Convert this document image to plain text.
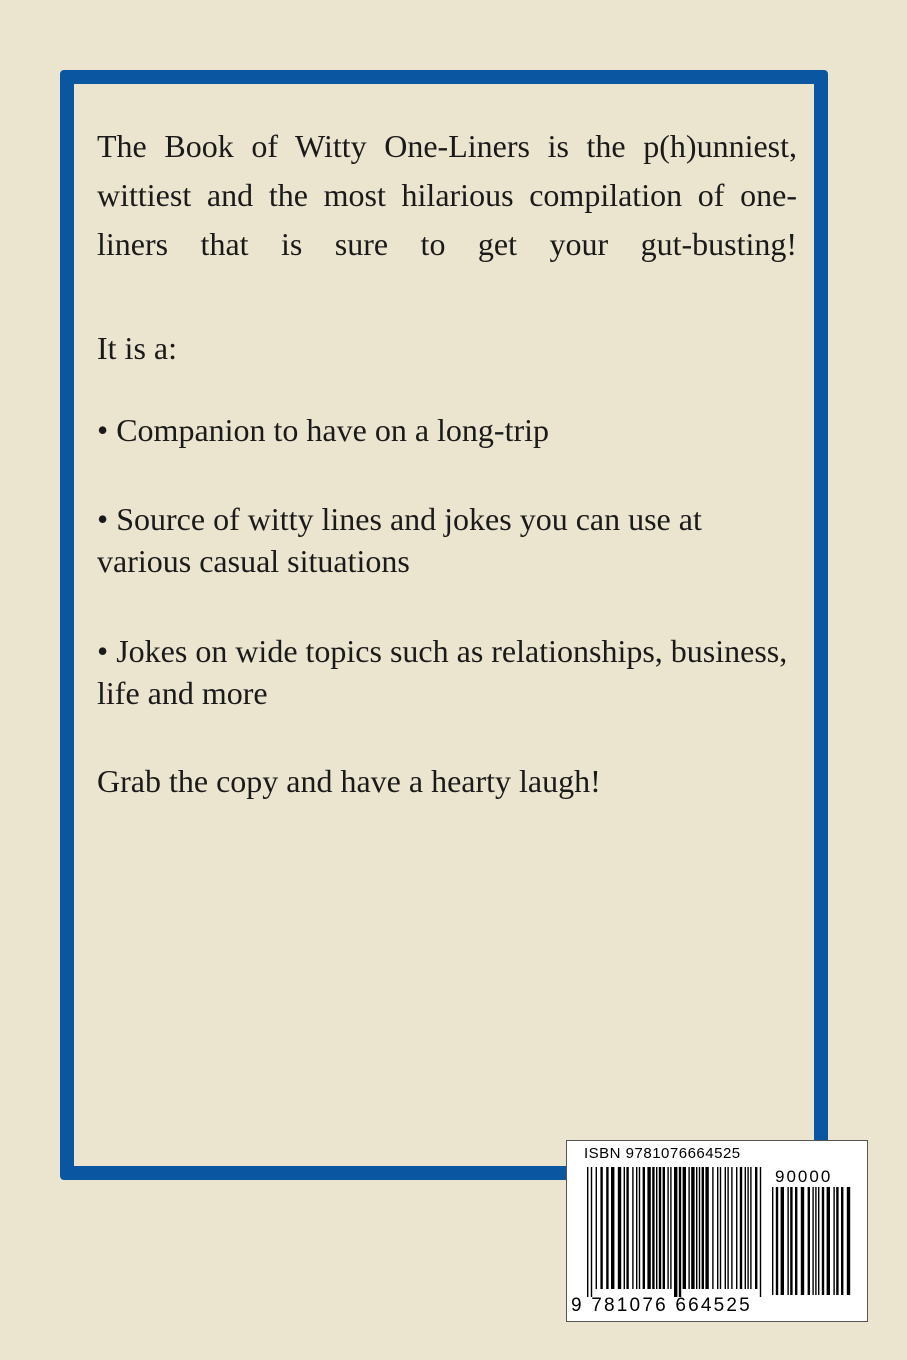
The Book of Witty One-Liners is the p(h)unniest, wittiest and the most hilarious compilation of one-liners that is sure to get your gut-busting!

It is a:

• Companion to have on a long-trip

• Source of witty lines and jokes you can use at various casual situations

• Jokes on wide topics such as relationships, business, life and more

Grab the copy and have a hearty laugh!

ISBN 9781076664525
90000
9 781076 664525
